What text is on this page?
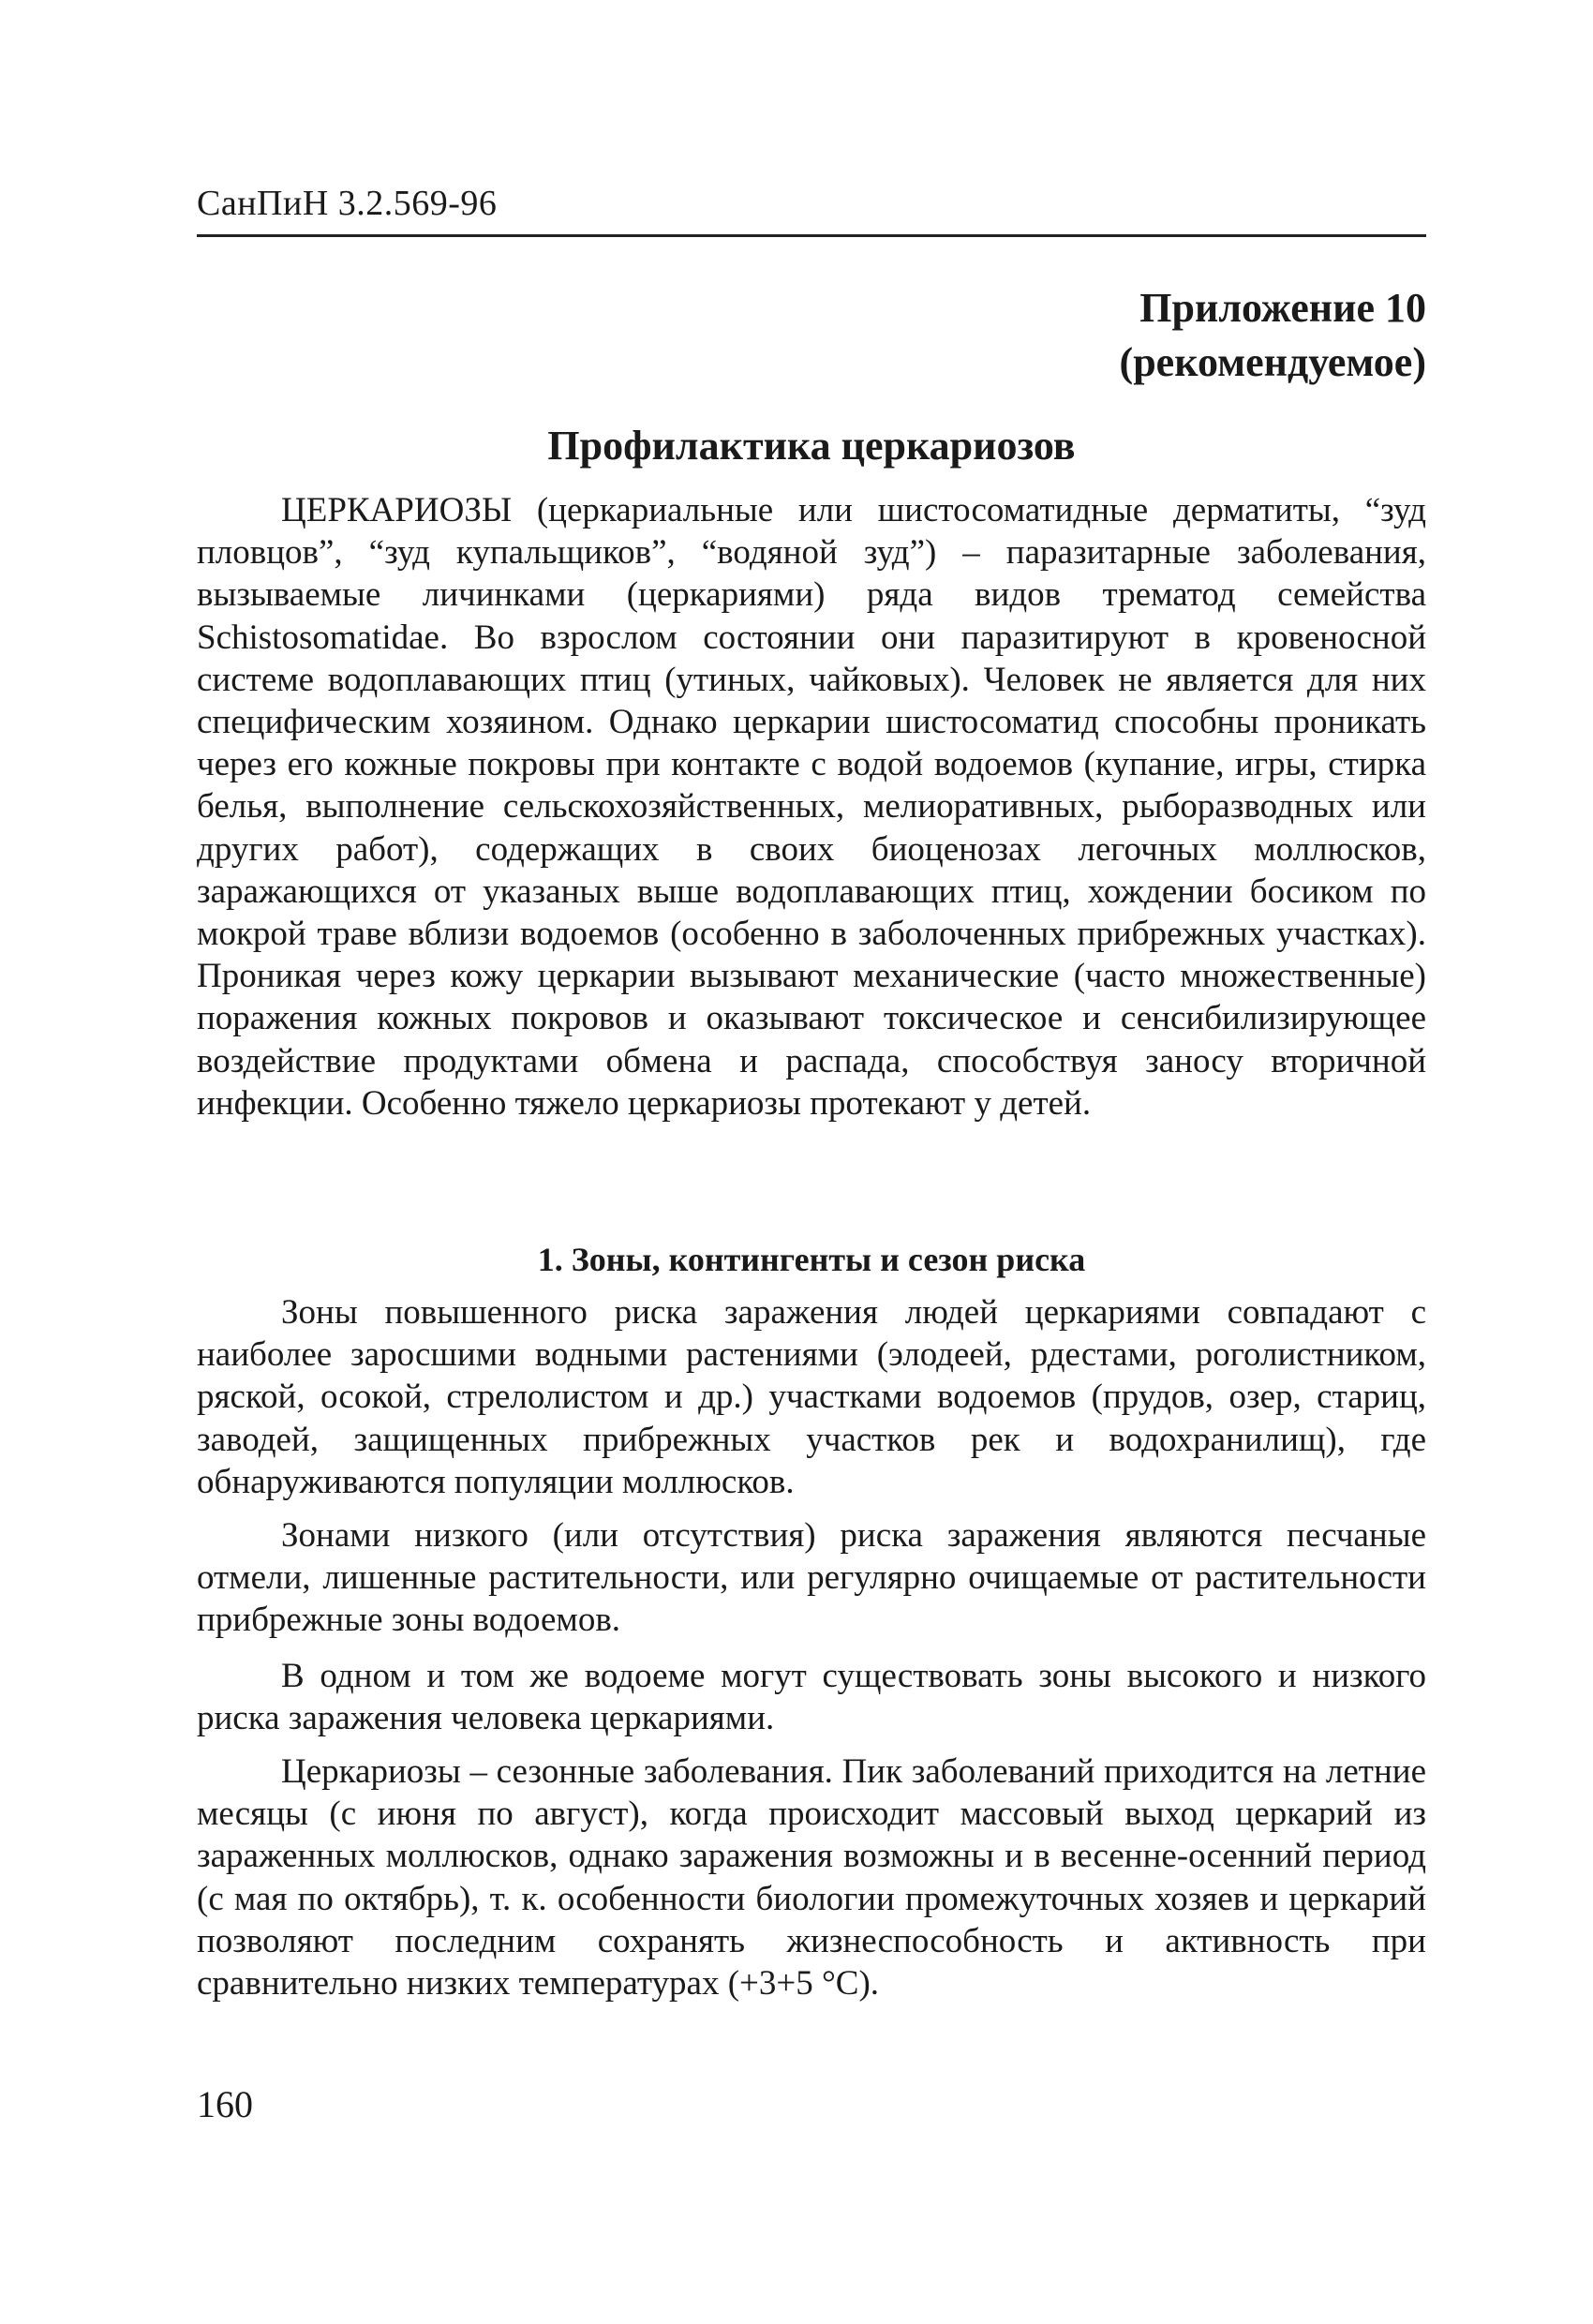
СанПиН 3.2.569-96
Приложение 10
(рекомендуемое)
Профилактика церкариозов

ЦЕРКАРИОЗЫ (церкариальные или шистосоматидные дерматиты, “зуд пловцов”, “зуд купальщиков”, “водяной зуд”) – паразитарные заболевания, вызываемые личинками (церкариями) ряда видов трематод семейства Schistosomatidae. Во взрослом состоянии они паразитируют в кровеносной системе водоплавающих птиц (утиных, чайковых). Человек не является для них специфическим хозяином. Однако церкарии шистосоматид способны проникать через его кожные покровы при контакте с водой водоемов (купание, игры, стирка белья, выполнение сельскохозяйственных, мелиоративных, рыборазводных или других работ), содержащих в своих биоценозах легочных моллюсков, заражающихся от указаных выше водоплавающих птиц, хождении босиком по мокрой траве вблизи водоемов (особенно в заболоченных прибрежных участках). Проникая через кожу церкарии вызывают механические (часто множественные) поражения кожных покровов и оказывают токсическое и сенсибилизирующее воздействие продуктами обмена и распада, способствуя заносу вторичной инфекции. Особенно тяжело церкариозы протекают у детей.

1. Зоны, контингенты и сезон риска

Зоны повышенного риска заражения людей церкариями совпадают с наиболее заросшими водными растениями (элодеей, рдестами, роголистником, ряской, осокой, стрелолистом и др.) участками водоемов (прудов, озер, стариц, заводей, защищенных прибрежных участков рек и водохранилищ), где обнаруживаются популяции моллюсков.

Зонами низкого (или отсутствия) риска заражения являются песчаные отмели, лишенные растительности, или регулярно очищаемые от растительности прибрежные зоны водоемов.

В одном и том же водоеме могут существовать зоны высокого и низкого риска заражения человека церкариями.

Церкариозы – сезонные заболевания. Пик заболеваний приходится на летние месяцы (с июня по август), когда происходит массовый выход церкарий из зараженных моллюсков, однако заражения возможны и в весенне-осенний период (с мая по октябрь), т. к. особенности биологии промежуточных хозяев и церкарий позволяют последним сохранять жизнеспособность и активность при сравнительно низких температурах (+3+5 °С).

160
